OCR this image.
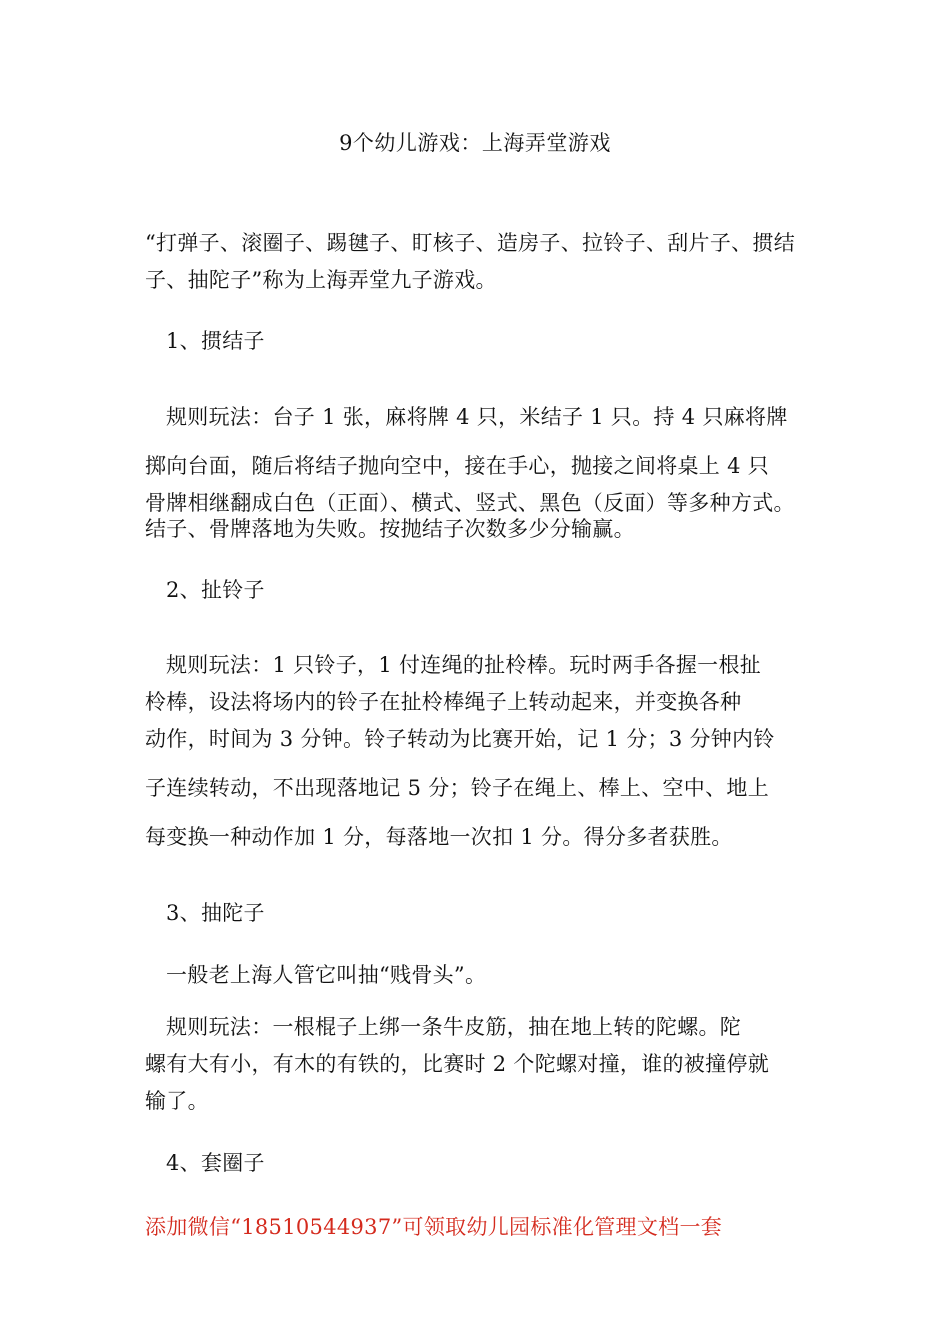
9个幼儿游戏：上海弄堂游戏
“打弹子、滚圈子、踢毽子、盯核子、造房子、拉铃子、刮片子、掼结
子、抽陀子”称为上海弄堂九子游戏。
1、掼结子
规则玩法：台子 1 张，麻将牌 4 只，米结子 1 只。持 4 只麻将牌
掷向台面，随后将结子抛向空中，接在手心，抛接之间将桌上 4 只
骨牌相继翻成白色（正面）、横式、竖式、黑色（反面）等多种方式。
结子、骨牌落地为失败。按抛结子次数多少分输赢。
2、扯铃子
规则玩法：1 只铃子，1 付连绳的扯柃棒。玩时两手各握一根扯
柃棒，设法将场内的铃子在扯柃棒绳子上转动起来，并变换各种
动作，时间为 3 分钟。铃子转动为比赛开始，记 1 分；3 分钟内铃
子连续转动，不出现落地记 5 分；铃子在绳上、棒上、空中、地上
每变换一种动作加 1 分，每落地一次扣 1 分。得分多者获胜。
3、抽陀子
一般老上海人管它叫抽“贱骨头”。
规则玩法：一根棍子上绑一条牛皮筋，抽在地上转的陀螺。陀
螺有大有小，有木的有铁的，比赛时 2 个陀螺对撞，谁的被撞停就
输了。
4、套圈子
添加微信“18510544937”可领取幼儿园标准化管理文档一套
